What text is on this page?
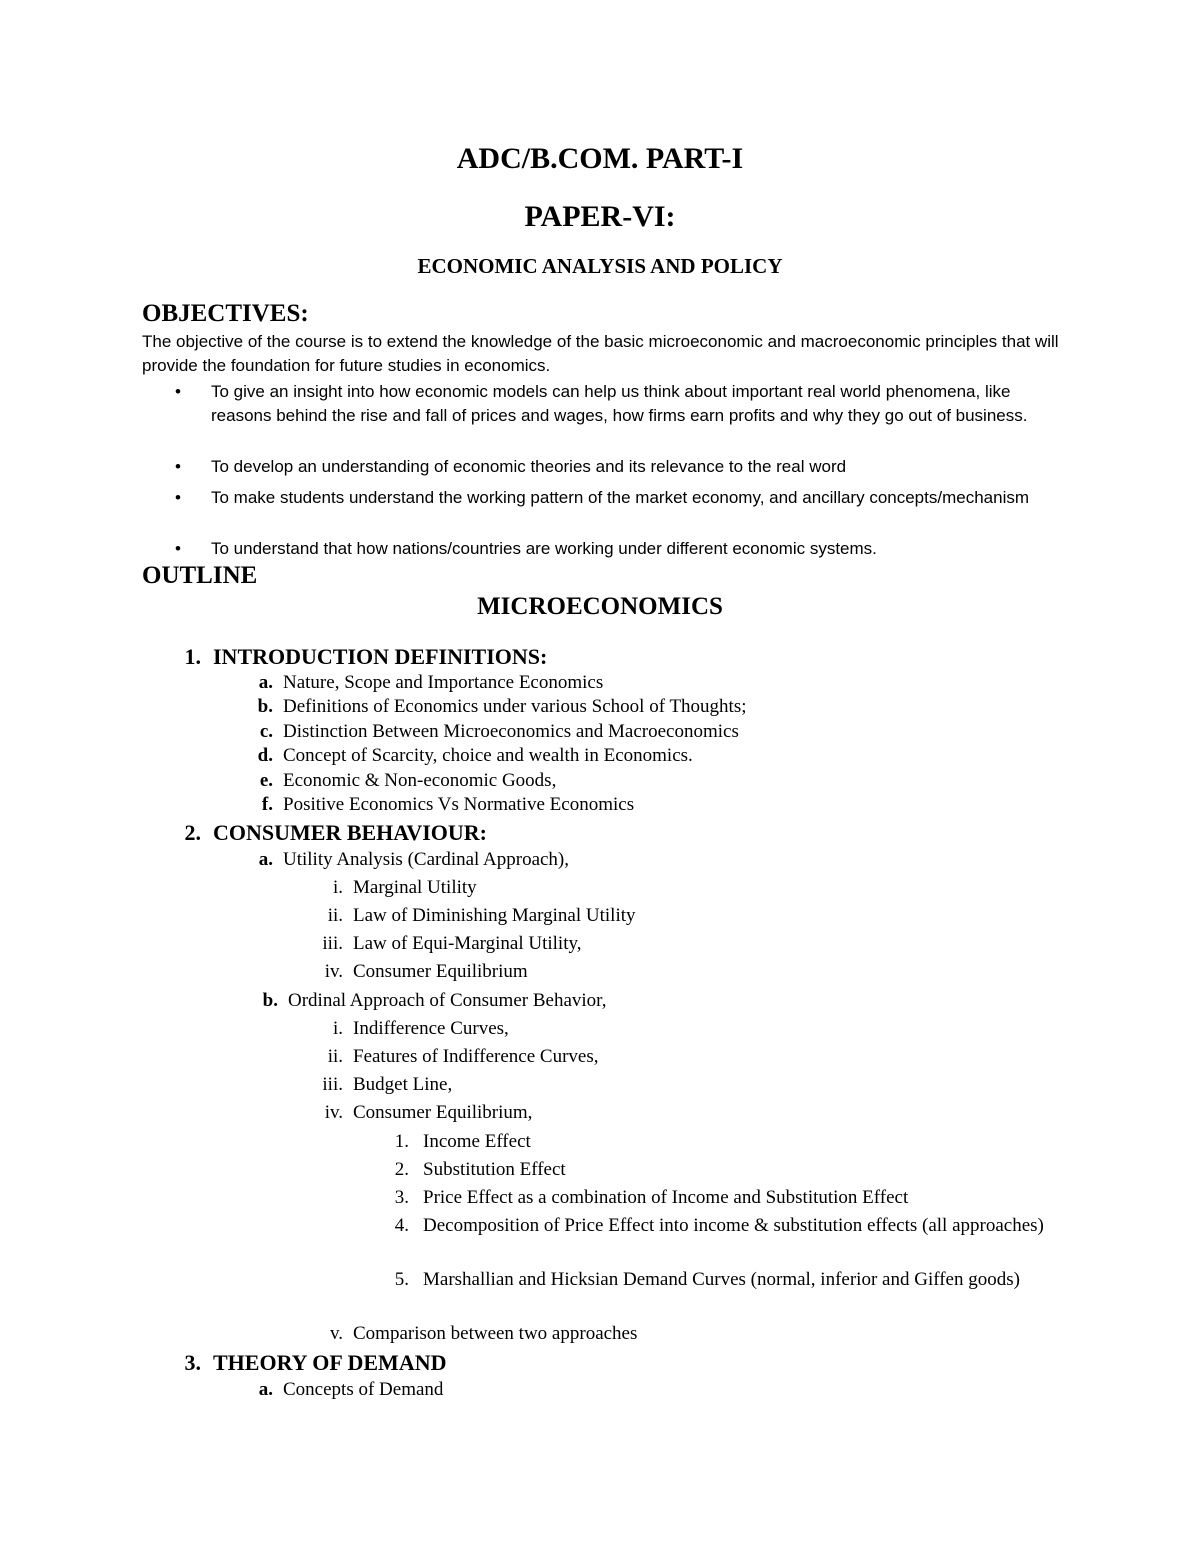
ADC/B.COM. PART-I
PAPER-VI:
ECONOMIC ANALYSIS AND POLICY
OBJECTIVES:
The objective of the course is to extend the knowledge of the basic microeconomic and macroeconomic principles that will provide the foundation for future studies in economics.
•	To give an insight into how economic models can help us think about important real world phenomena, like reasons behind the rise and fall of prices and wages, how firms earn profits and why they go out of business.
•	To develop an understanding of economic theories and its relevance to the real word
•	To make students understand the working pattern of the market economy, and ancillary concepts/mechanism
•	To understand that how nations/countries are working under different economic systems.
OUTLINE
MICROECONOMICS
1. INTRODUCTION DEFINITIONS:
a. Nature, Scope and Importance Economics
b. Definitions of Economics under various School of Thoughts;
c. Distinction Between Microeconomics and Macroeconomics
d. Concept of Scarcity, choice and wealth in Economics.
e. Economic & Non-economic Goods,
f. Positive Economics Vs Normative Economics
2. CONSUMER BEHAVIOUR:
a. Utility Analysis (Cardinal Approach),
i. Marginal Utility
ii. Law of Diminishing Marginal Utility
iii. Law of Equi-Marginal Utility,
iv. Consumer Equilibrium
b. Ordinal Approach of Consumer Behavior,
i. Indifference Curves,
ii. Features of Indifference Curves,
iii. Budget Line,
iv. Consumer Equilibrium,
1. Income Effect
2. Substitution Effect
3. Price Effect as a combination of Income and Substitution Effect
4. Decomposition of Price Effect into income & substitution effects (all approaches)
5. Marshallian and Hicksian Demand Curves (normal, inferior and Giffen goods)
v. Comparison between two approaches
3. THEORY OF DEMAND
a. Concepts of Demand
